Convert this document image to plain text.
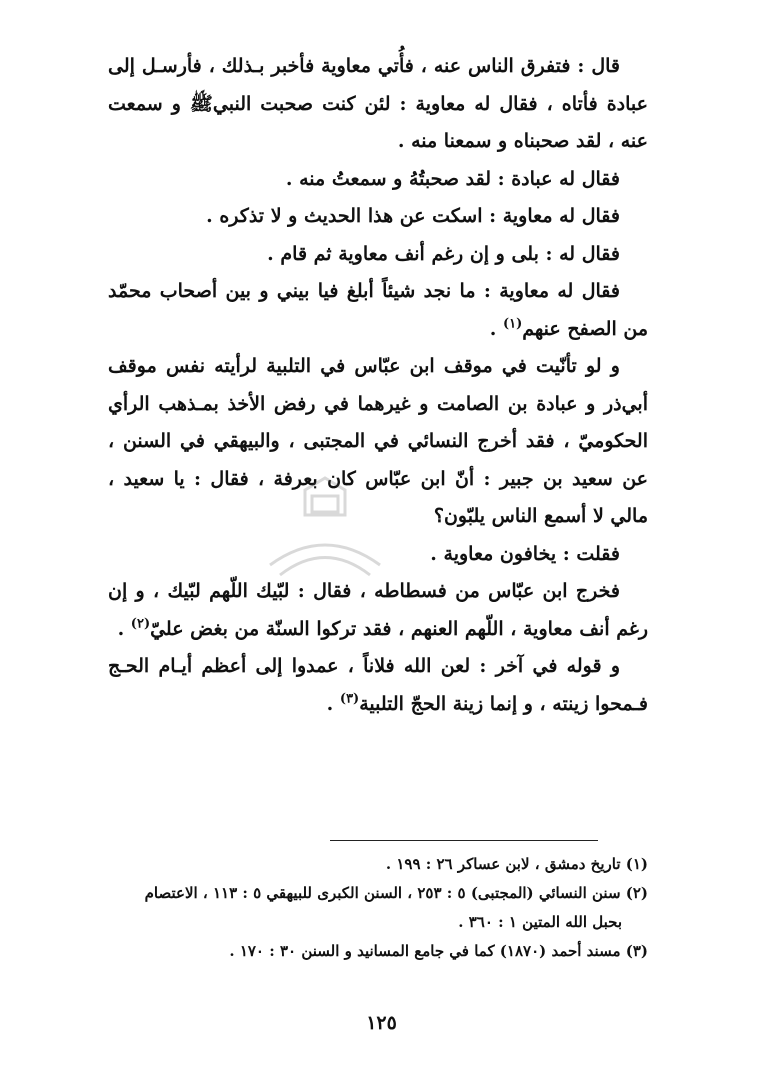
قال : فتفرق الناس عنه ، فأُتي معاوية فأخبر بـذلك ، فأرسـل إلى عبادة فأتاه ، فقال له معاوية : لئن كنت صحبت النبيﷺ و سمعت عنه ، لقد صحبناه و سمعنا منه .

فقال له عبادة : لقد صحبتُهُ و سمعتُ منه .

فقال له معاوية : اسكت عن هذا الحديث و لا تذكره .

فقال له : بلى و إن رغم أنف معاوية ثم قام .

فقال له معاوية : ما نجد شيئاً أبلغ فيا بيني و بين أصحاب محمّد من الصفح عنهم$^{(١)}$ .

و لو تأنّيت في موقف ابن عبّاس في التلبية لرأيته نفس موقف أبي‌ذر و عبادة بن الصامت و غيرهما في رفض الأخذ بمـذهب الرأي الحكوميّ ، فقد أخرج النسائي في المجتبى ، والبيهقي في السنن ، عن سعيد بن جبير : أنّ ابن عبّاس كان بعرفة ، فقال : يا سعيد ، مالي لا أسمع الناس يلبّون؟

فقلت : يخافون معاوية .

فخرج ابن عبّاس من فسطاطه ، فقال : لبّيك اللّهم لبّيك ، و إن رغم أنف معاوية ، اللّهم العنهم ، فقد تركوا السنّة من بغض عليّ$^{(٢)}$ .

و قوله في آخر : لعن الله فلاناً ، عمدوا إلى أعظم أيـام الحـج فـمحوا زينته ، و إنما زينة الحجّ التلبية$^{(٣)}$ .

(١) تاريخ دمشق ، لابن عساكر ٢٦ : ١٩٩ .

(٢) سنن النسائي (المجتبى) ٥ : ٢٥٣ ، السنن الكبرى للبيهقي ٥ : ١١٣ ، الاعتصام

بحبل الله المتين ١ : ٣٦٠ .

(٣) مسند أحمد (١٨٧٠) كما في جامع المسانيد و السنن ٣٠ : ١٧٠ .

١٢٥
